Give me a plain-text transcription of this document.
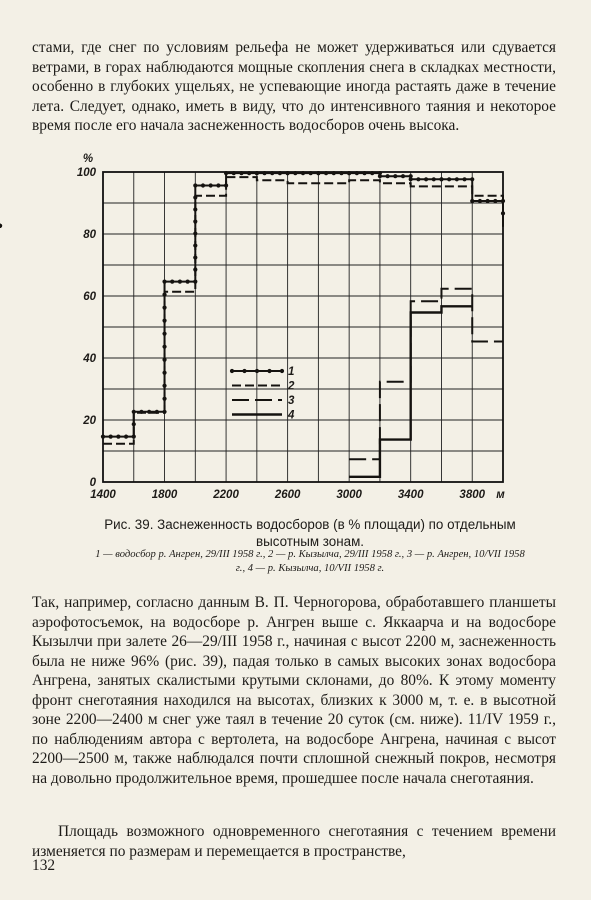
стами, где снег по условиям рельефа не может удерживаться или сдувается ветрами, в горах наблюдаются мощные скопления снега в складках местности, особенно в глубоких ущельях, не успевающие иногда растаять даже в течение лета. Следует, однако, иметь в виду, что до интенсивного таяния и некоторое время после его начала заснеженность водосборов очень высока.

1400	1800	2200	2600	3000	3400	3800 м
0
20
40
60
80
100
%
1
2
3
4

Рис. 39. Заснеженность водосборов (в % площади) по отдельным высотным зонам.

1 — водосбор р. Ангрен, 29/III 1958 г., 2 — р. Кызылча, 29/III 1958 г., 3 — р. Ангрен, 10/VII 1958 г., 4 — р. Кызылча, 10/VII 1958 г.

Так, например, согласно данным В. П. Черногорова, обработавшего планшеты аэрофотосъемок, на водосборе р. Ангрен выше с. Яккаарча и на водосборе Кызылчи при залете 26—29/III 1958 г., начиная с высот 2200 м, заснеженность была не ниже 96% (рис. 39), падая только в самых высоких зонах водосбора Ангрена, занятых скалистыми крутыми склонами, до 80%. К этому моменту фронт снеготаяния находился на высотах, близких к 3000 м, т. е. в высотной зоне 2200—2400 м снег уже таял в течение 20 суток (см. ниже). 11/IV 1959 г., по наблюдениям автора с вертолета, на водосборе Ангрена, начиная с высот 2200—2500 м, также наблюдался почти сплошной снежный покров, несмотря на довольно продолжительное время, прошедшее после начала снеготаяния.

Площадь возможного одновременного снеготаяния с течением времени изменяется по размерам и перемещается в пространстве,

132
